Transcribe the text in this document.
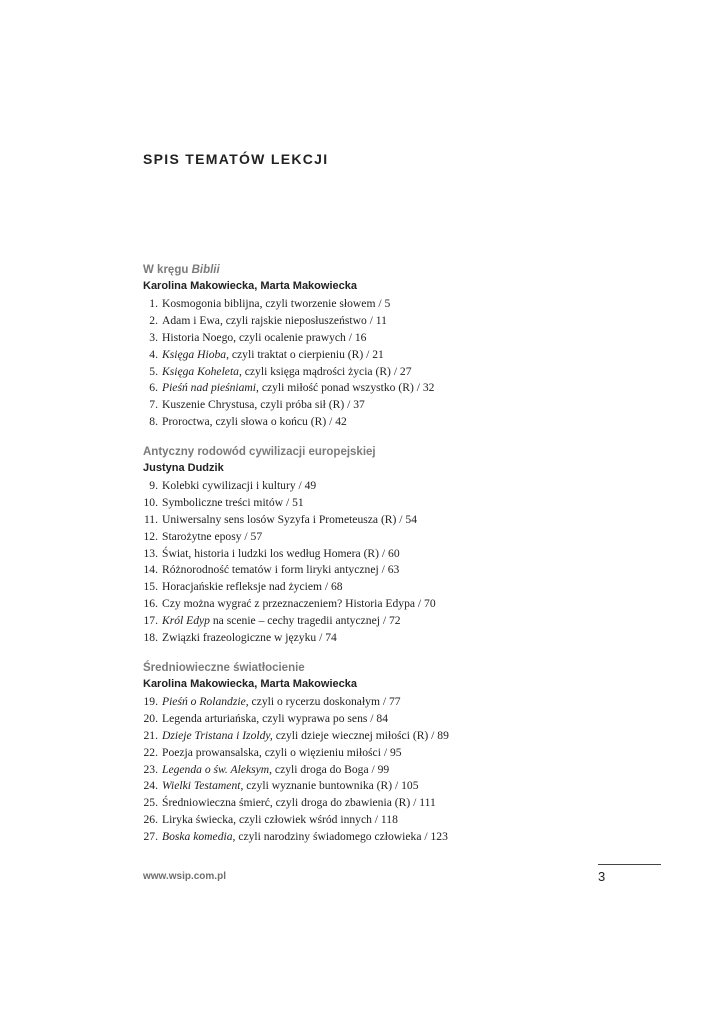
SPIS TEMATÓW LEKCJI
W kręgu Biblii
Karolina Makowiecka, Marta Makowiecka
1. Kosmogonia biblijna, czyli tworzenie słowem / 5
2. Adam i Ewa, czyli rajskie nieposłuszeństwo / 11
3. Historia Noego, czyli ocalenie prawych / 16
4. Księga Hioba, czyli traktat o cierpieniu (R) / 21
5. Księga Koheleta, czyli księga mądrości życia (R) / 27
6. Pieśń nad pieśniami, czyli miłość ponad wszystko (R) / 32
7. Kuszenie Chrystusa, czyli próba sił (R) / 37
8. Proroctwa, czyli słowa o końcu (R) / 42
Antyczny rodowód cywilizacji europejskiej
Justyna Dudzik
9. Kolebki cywilizacji i kultury / 49
10. Symboliczne treści mitów / 51
11. Uniwersalny sens losów Syzyfa i Prometeusza (R) / 54
12. Starożytne eposy / 57
13. Świat, historia i ludzki los według Homera (R) / 60
14. Różnorodność tematów i form liryki antycznej / 63
15. Horacjańskie refleksje nad życiem / 68
16. Czy można wygrać z przeznaczeniem? Historia Edypa / 70
17. Król Edyp na scenie – cechy tragedii antycznej / 72
18. Związki frazeologiczne w języku / 74
Średniowieczne światłocienie
Karolina Makowiecka, Marta Makowiecka
19. Pieśń o Rolandzie, czyli o rycerzu doskonałym / 77
20. Legenda arturiańska, czyli wyprawa po sens / 84
21. Dzieje Tristana i Izoldy, czyli dzieje wiecznej miłości (R) / 89
22. Poezja prowansalska, czyli o więzieniu miłości / 95
23. Legenda o św. Aleksym, czyli droga do Boga / 99
24. Wielki Testament, czyli wyznanie buntownika (R) / 105
25. Średniowieczna śmierć, czyli droga do zbawienia (R) / 111
26. Liryka świecka, czyli człowiek wśród innych / 118
27. Boska komedia, czyli narodziny świadomego człowieka / 123
www.wsip.com.pl	3
